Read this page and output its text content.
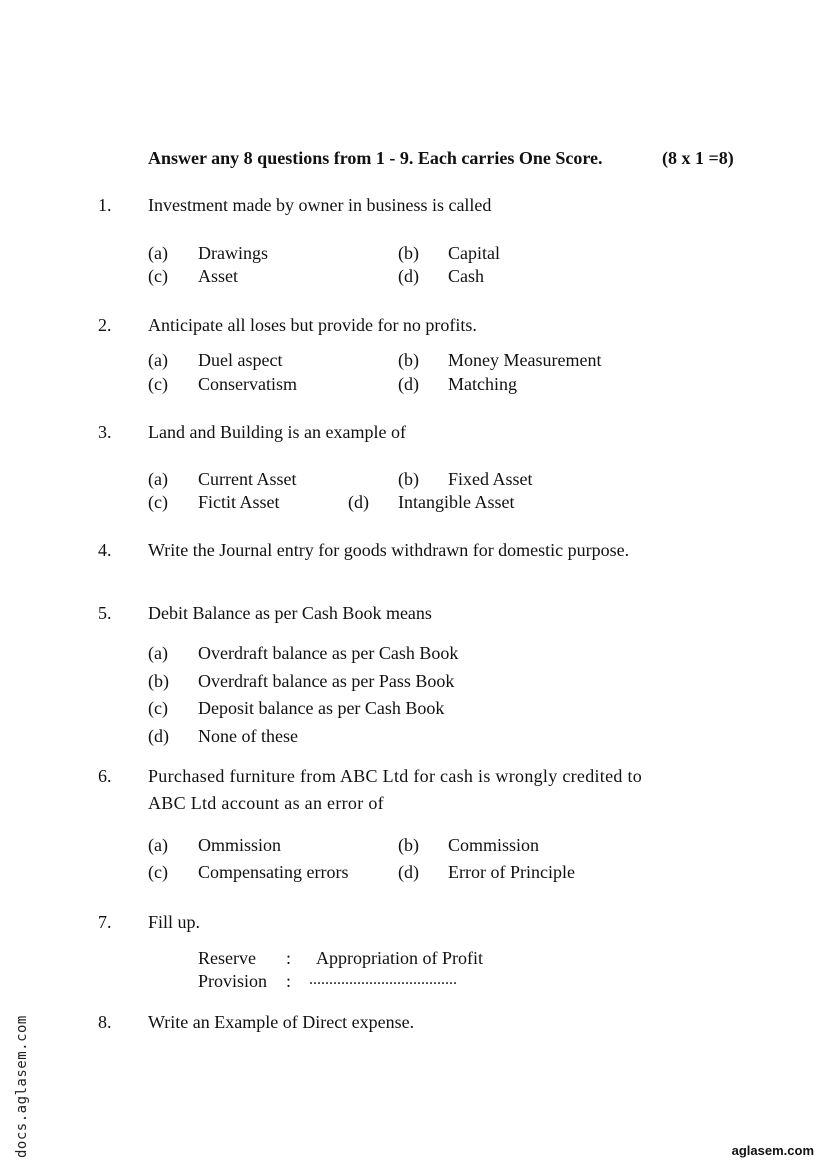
Answer any 8 questions from 1 - 9. Each carries One Score.	(8 x 1 =8)
1. Investment made by owner in business is called
(a) Drawings	(b) Capital
(c) Asset	(d) Cash
2. Anticipate all loses but provide for no profits.
(a) Duel aspect	(b) Money Measurement
(c) Conservatism	(d) Matching
3. Land and Building is an example of
(a) Current Asset	(b) Fixed Asset
(c) Fictit Asset	(d) Intangible Asset
4. Write the Journal entry for goods withdrawn for domestic purpose.
5. Debit Balance as per Cash Book means
(a) Overdraft balance as per Cash Book
(b) Overdraft balance as per Pass Book
(c) Deposit balance as per Cash Book
(d) None of these
6. Purchased furniture from ABC Ltd for cash is wrongly credited to
ABC Ltd account as an error of
(a) Ommission	(b) Commission
(c) Compensating errors	(d) Error of Principle
7. Fill up.
Reserve : Appropriation of Profit
Provision : .....................................
8. Write an Example of Direct expense.
docs.aglasem.com	aglasem.com
